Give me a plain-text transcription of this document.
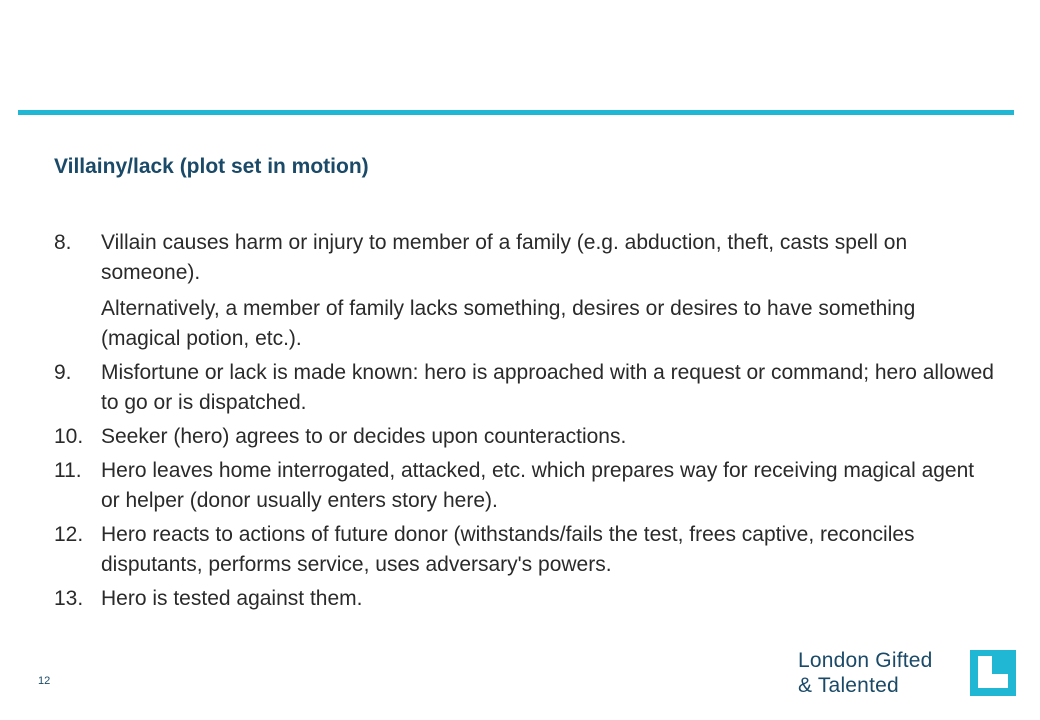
Villainy/lack (plot set in motion)
8.	Villain causes harm or injury to member of a family (e.g. abduction, theft, casts spell on someone).
Alternatively, a member of family lacks something, desires or desires to have something (magical potion, etc.).
9.	Misfortune or lack is made known: hero is approached with a request or command; hero allowed to go or is dispatched.
10. Seeker (hero) agrees to or decides upon counteractions.
11. Hero leaves home interrogated, attacked, etc. which prepares way for receiving magical agent or helper (donor usually enters story here).
12. Hero reacts to actions of future donor (withstands/fails the test, frees captive, reconciles disputants, performs service, uses adversary's powers.
13. Hero is tested against them.
12
London Gifted
& Talented
